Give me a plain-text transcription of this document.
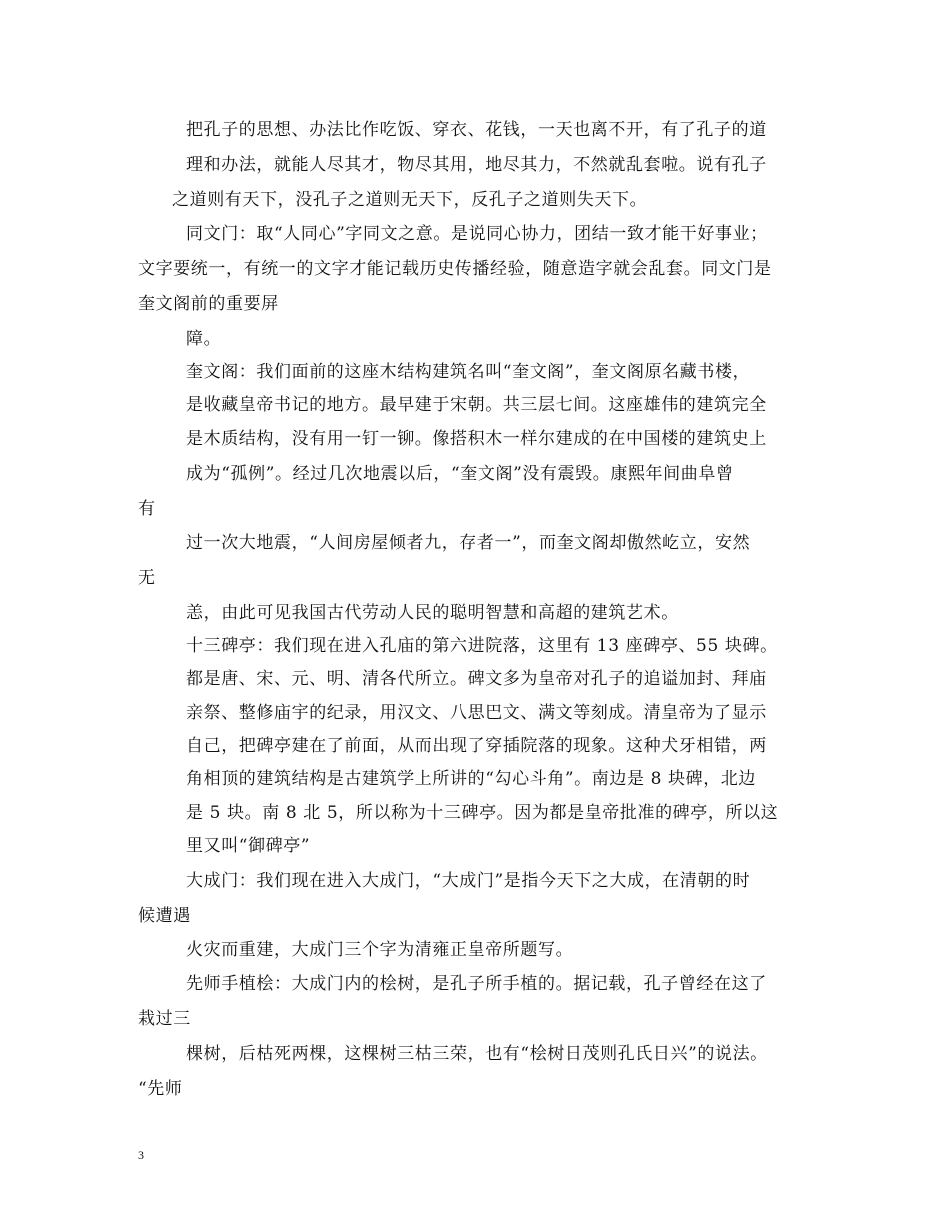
把孔子的思想、办法比作吃饭、穿衣、花钱，一天也离不开，有了孔子的道
理和办法，就能人尽其才，物尽其用，地尽其力，不然就乱套啦。说有孔子
之道则有天下，没孔子之道则无天下，反孔子之道则失天下。
同文门：取“人同心”字同文之意。是说同心协力，团结一致才能干好事业；
文字要统一，有统一的文字才能记载历史传播经验，随意造字就会乱套。同文门是
奎文阁前的重要屏
障。
奎文阁：我们面前的这座木结构建筑名叫“奎文阁”，奎文阁原名藏书楼，
是收藏皇帝书记的地方。最早建于宋朝。共三层七间。这座雄伟的建筑完全
是木质结构，没有用一钉一铆。像搭积木一样尔建成的在中国楼的建筑史上
成为“孤例”。经过几次地震以后，“奎文阁”没有震毁。康熙年间曲阜曾
有
过一次大地震，“人间房屋倾者九，存者一”，而奎文阁却傲然屹立，安然
无
恙，由此可见我国古代劳动人民的聪明智慧和高超的建筑艺术。
十三碑亭：我们现在进入孔庙的第六进院落，这里有 13 座碑亭、55 块碑。
都是唐、宋、元、明、清各代所立。碑文多为皇帝对孔子的追谥加封、拜庙
亲祭、整修庙宇的纪录，用汉文、八思巴文、满文等刻成。清皇帝为了显示
自己，把碑亭建在了前面，从而出现了穿插院落的现象。这种犬牙相错，两
角相顶的建筑结构是古建筑学上所讲的“勾心斗角”。南边是 8 块碑，北边
是 5 块。南 8 北 5，所以称为十三碑亭。因为都是皇帝批准的碑亭，所以这
里又叫“御碑亭”
大成门：我们现在进入大成门，“大成门”是指今天下之大成，在清朝的时
候遭遇
火灾而重建，大成门三个字为清雍正皇帝所题写。
先师手植桧：大成门内的桧树，是孔子所手植的。据记载，孔子曾经在这了
栽过三
棵树，后枯死两棵，这棵树三枯三荣，也有“桧树日茂则孔氏日兴”的说法。
“先师
3
